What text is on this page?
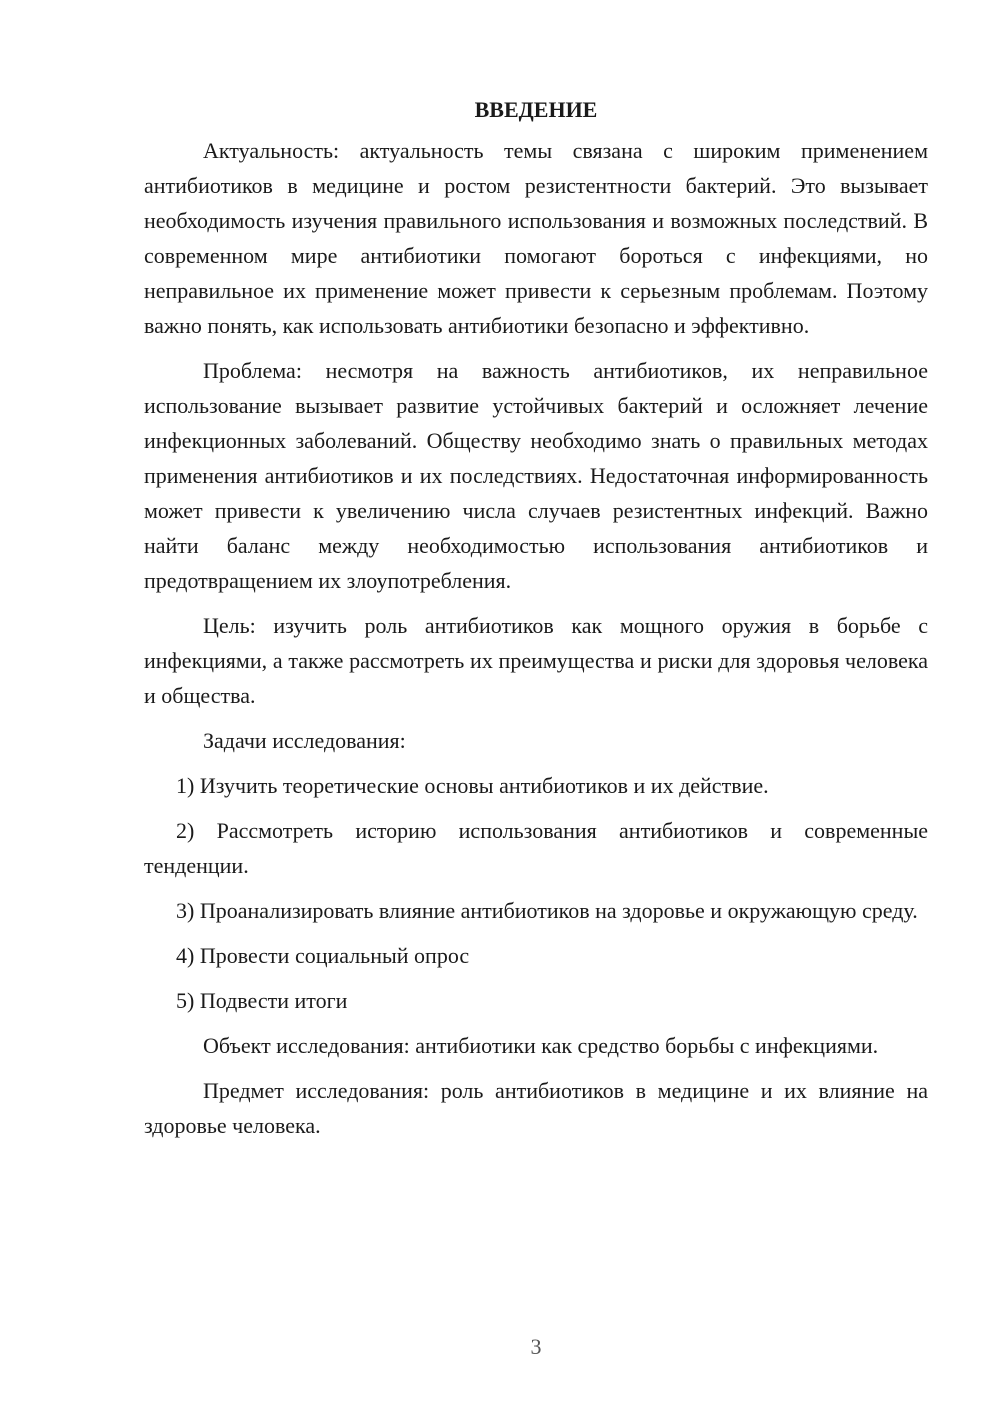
ВВЕДЕНИЕ

Актуальность: актуальность темы связана с широким применением антибиотиков в медицине и ростом резистентности бактерий. Это вызывает необходимость изучения правильного использования и возможных последствий. В современном мире антибиотики помогают бороться с инфекциями, но неправильное их применение может привести к серьезным проблемам. Поэтому важно понять, как использовать антибиотики безопасно и эффективно.

Проблема: несмотря на важность антибиотиков, их неправильное использование вызывает развитие устойчивых бактерий и осложняет лечение инфекционных заболеваний. Обществу необходимо знать о правильных методах применения антибиотиков и их последствиях. Недостаточная информированность может привести к увеличению числа случаев резистентных инфекций. Важно найти баланс между необходимостью использования антибиотиков и предотвращением их злоупотребления.

Цель: изучить роль антибиотиков как мощного оружия в борьбе с инфекциями, а также рассмотреть их преимущества и риски для здоровья человека и общества.

Задачи исследования:

1) Изучить теоретические основы антибиотиков и их действие.

2) Рассмотреть историю использования антибиотиков и современные тенденции.

3) Проанализировать влияние антибиотиков на здоровье и окружающую среду.

4) Провести социальный опрос

5) Подвести итоги

Объект исследования: антибиотики как средство борьбы с инфекциями.

Предмет исследования: роль антибиотиков в медицине и их влияние на здоровье человека.

3
